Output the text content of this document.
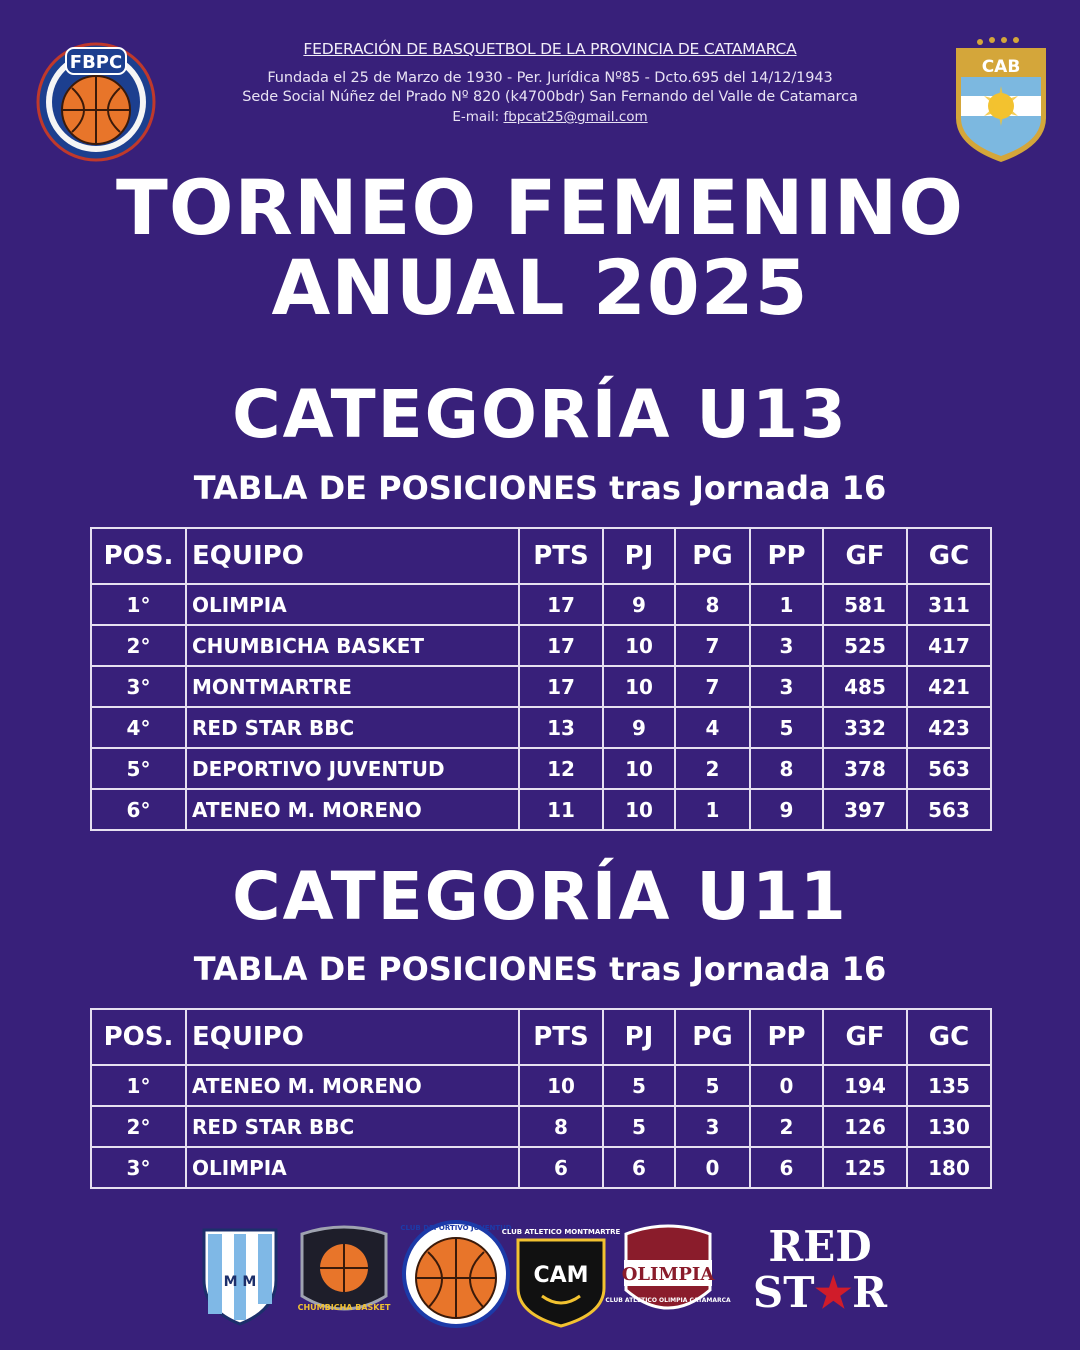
FBPC
FEDERACIÓN DE BASQUETBOL DE LA PROVINCIA DE CATAMARCA
Fundada el 25 de Marzo de 1930 - Per. Jurídica Nº85 - Dcto.695 del 14/12/1943
Sede Social Núñez del Prado Nº 820 (k4700bdr) San Fernando del Valle de Catamarca
E-mail: fbpcat25@gmail.com
CAB
TORNEO FEMENINO
ANUAL 2025
CATEGORÍA U13
TABLA DE POSICIONES tras Jornada 16
POS.	EQUIPO	PTS	PJ	PG	PP	GF	GC
1°	OLIMPIA	17	9	8	1	581	311
2°	CHUMBICHA BASKET	17	10	7	3	525	417
3°	MONTMARTRE	17	10	7	3	485	421
4°	RED STAR BBC	13	9	4	5	332	423
5°	DEPORTIVO JUVENTUD	12	10	2	8	378	563
6°	ATENEO M. MORENO	11	10	1	9	397	563
CATEGORÍA U11
TABLA DE POSICIONES tras Jornada 16
POS.	EQUIPO	PTS	PJ	PG	PP	GF	GC
1°	ATENEO M. MORENO	10	5	5	0	194	135
2°	RED STAR BBC	8	5	3	2	126	130
3°	OLIMPIA	6	6	0	6	125	180
M M
CHUMBICHA BASKET
CLUB DEPORTIVO JUVENTUD
CLUB ATLETICO MONTMARTRE
CAM OLIMPIA
CLUB ATLETICO OLIMPIA CATAMARCA
RED
ST★R
